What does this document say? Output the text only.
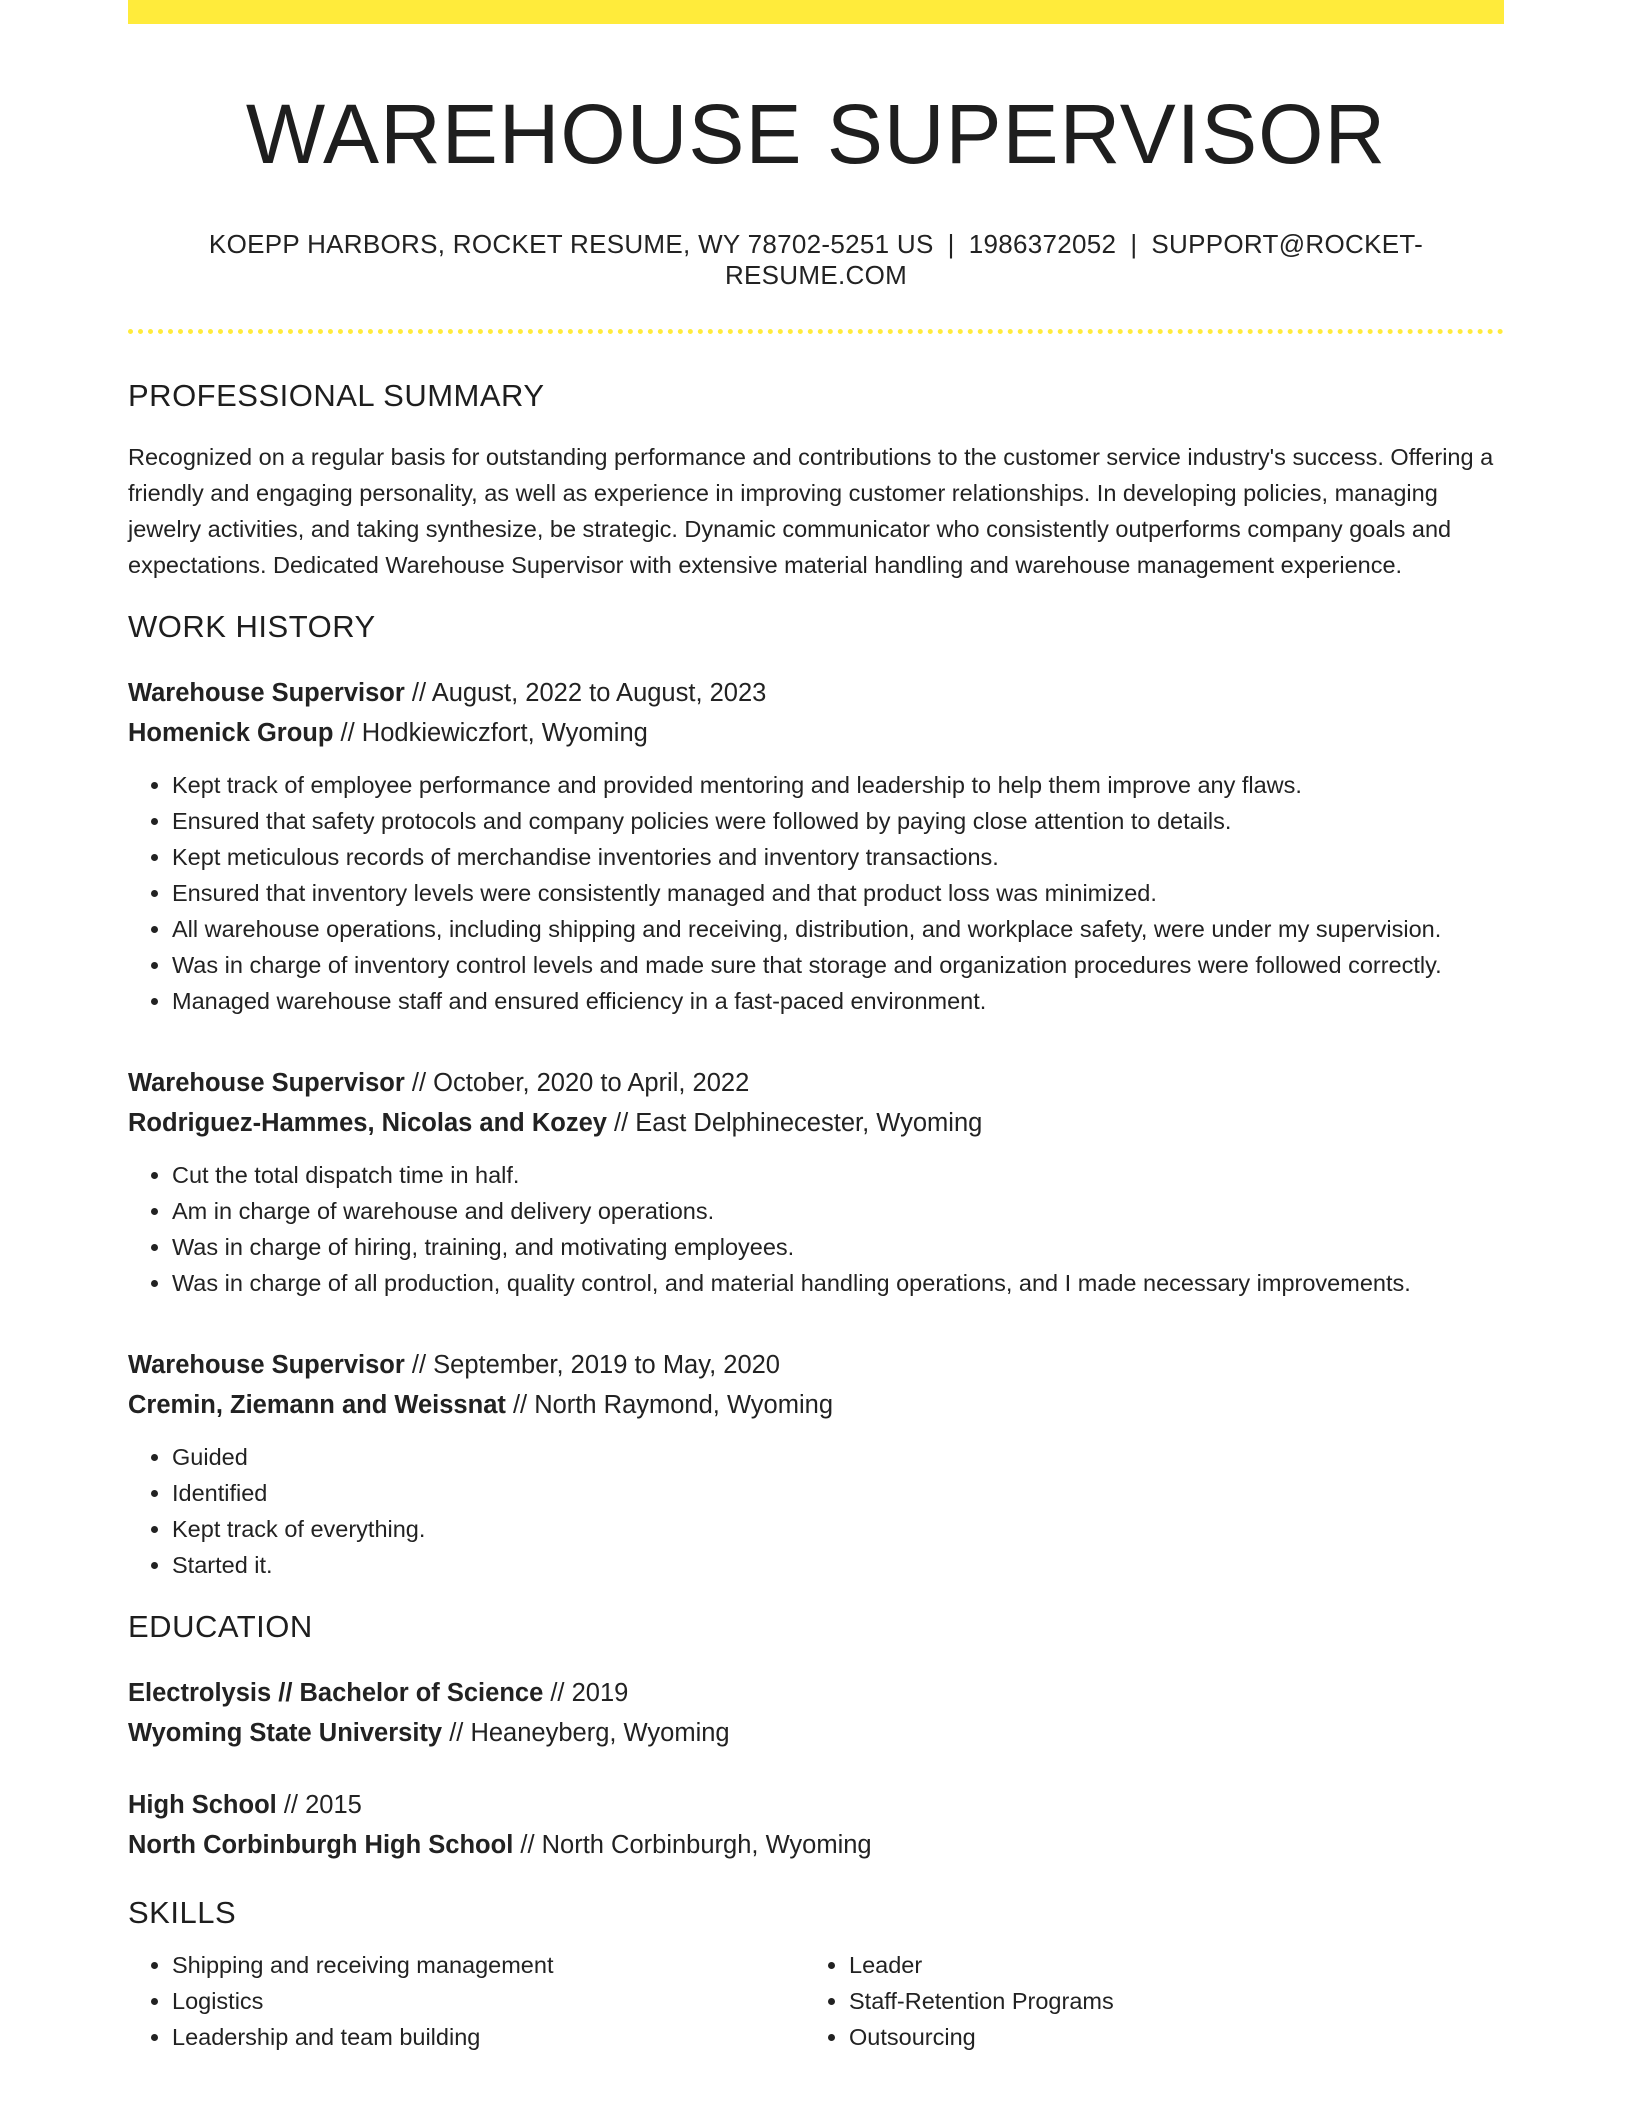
WAREHOUSE SUPERVISOR
KOEPP HARBORS, ROCKET RESUME, WY 78702-5251 US | 1986372052 | SUPPORT@ROCKET-RESUME.COM
PROFESSIONAL SUMMARY

Recognized on a regular basis for outstanding performance and contributions to the customer service industry's success. Offering a friendly and engaging personality, as well as experience in improving customer relationships. In developing policies, managing jewelry activities, and taking synthesize, be strategic. Dynamic communicator who consistently outperforms company goals and expectations. Dedicated Warehouse Supervisor with extensive material handling and warehouse management experience.

WORK HISTORY
Warehouse Supervisor // August, 2022 to August, 2023
Homenick Group // Hodkiewiczfort, Wyoming
• Kept track of employee performance and provided mentoring and leadership to help them improve any flaws.
• Ensured that safety protocols and company policies were followed by paying close attention to details.
• Kept meticulous records of merchandise inventories and inventory transactions.
• Ensured that inventory levels were consistently managed and that product loss was minimized.
• All warehouse operations, including shipping and receiving, distribution, and workplace safety, were under my supervision.
• Was in charge of inventory control levels and made sure that storage and organization procedures were followed correctly.
• Managed warehouse staff and ensured efficiency in a fast-paced environment.
Warehouse Supervisor // October, 2020 to April, 2022
Rodriguez-Hammes, Nicolas and Kozey // East Delphinecester, Wyoming
• Cut the total dispatch time in half.
• Am in charge of warehouse and delivery operations.
• Was in charge of hiring, training, and motivating employees.
• Was in charge of all production, quality control, and material handling operations, and I made necessary improvements.
Warehouse Supervisor // September, 2019 to May, 2020
Cremin, Ziemann and Weissnat // North Raymond, Wyoming
• Guided
• Identified
• Kept track of everything.
• Started it.
EDUCATION
Electrolysis // Bachelor of Science // 2019
Wyoming State University // Heaneyberg, Wyoming
High School // 2015
North Corbinburgh High School // North Corbinburgh, Wyoming
SKILLS
• Shipping and receiving management
• Logistics
• Leadership and team building
• Leader
• Staff-Retention Programs
• Outsourcing
